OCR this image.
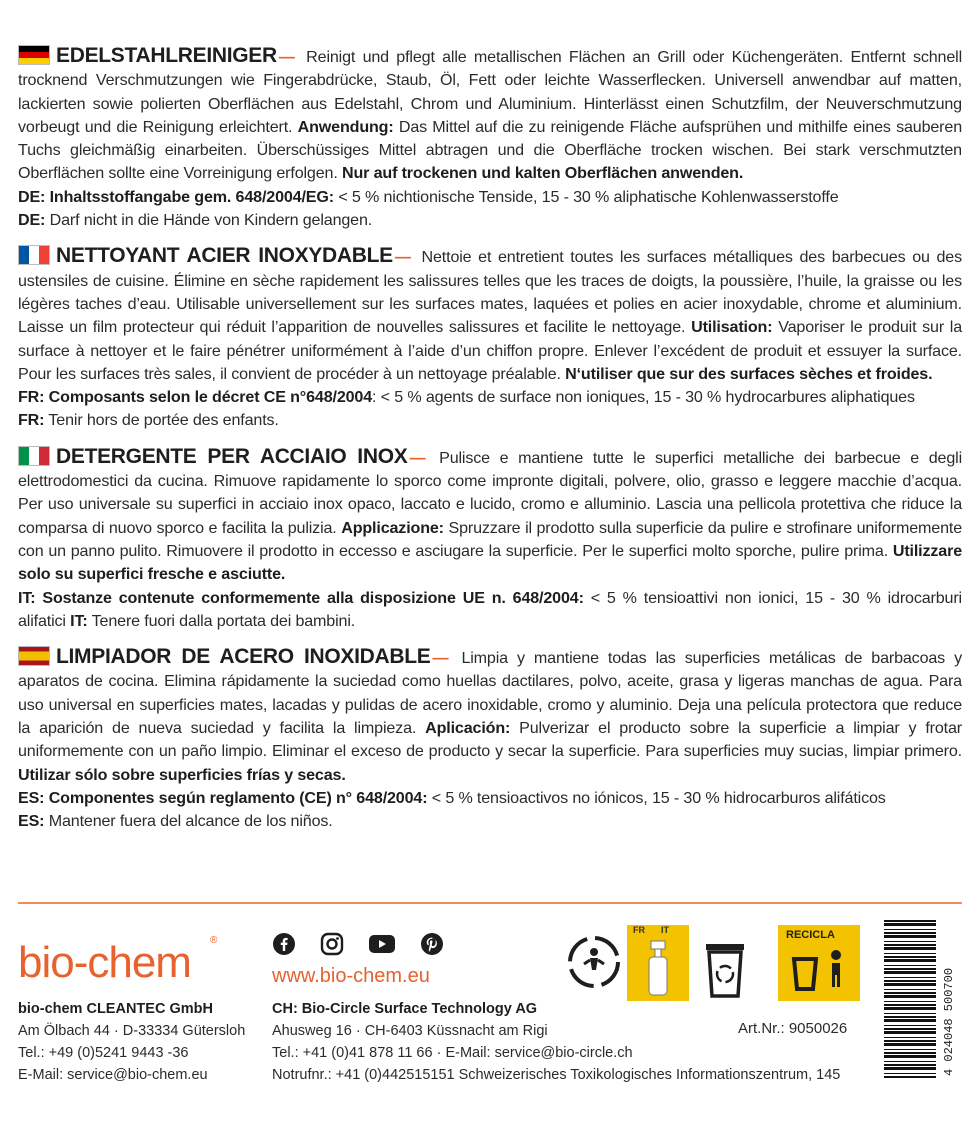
EDELSTAHLREINIGER — Reinigt und pflegt alle metallischen Flächen an Grill oder Küchengeräten. Entfernt schnell trocknend Verschmutzungen wie Fingerabdrücke, Staub, Öl, Fett oder leichte Wasserflecken. Universell anwendbar auf matten, lackierten sowie polierten Oberflächen aus Edelstahl, Chrom und Aluminium. Hinterlässt einen Schutzfilm, der Neuverschmutzung vorbeugt und die Reinigung erleichtert. Anwendung: Das Mittel auf die zu reinigende Fläche aufsprühen und mithilfe eines sauberen Tuchs gleichmäßig einarbeiten. Überschüssiges Mittel abtragen und die Oberfläche trocken wischen. Bei stark verschmutzten Oberflächen sollte eine Vorreinigung erfolgen. Nur auf trockenen und kalten Oberflächen anwenden.

DE: Inhaltsstoffangabe gem. 648/2004/EG: < 5 % nichtionische Tenside, 15 - 30 % aliphatische Kohlenwasserstoffe

DE: Darf nicht in die Hände von Kindern gelangen.

NETTOYANT ACIER INOXYDABLE — Nettoie et entretient toutes les surfaces métalliques des barbecues ou des ustensiles de cuisine. Élimine en sèche rapidement les salissures telles que les traces de doigts, la poussière, l’huile, la graisse ou les légères taches d’eau. Utilisable universellement sur les surfaces mates, laquées et polies en acier inoxydable, chrome et aluminium. Laisse un film protecteur qui réduit l’apparition de nouvelles salissures et facilite le nettoyage. Utilisation: Vaporiser le produit sur la surface à nettoyer et le faire pénétrer uniformément à l’aide d’un chiffon propre. Enlever l’excédent de produit et essuyer la surface. Pour les surfaces très sales, il convient de procéder à un nettoyage préalable. N‘utiliser que sur des surfaces sèches et froides.

FR: Composants selon le décret CE n°648/2004: < 5 % agents de surface non ioniques, 15 - 30 % hydrocarbures aliphatiques

FR: Tenir hors de portée des enfants.

DETERGENTE PER ACCIAIO INOX — Pulisce e mantiene tutte le superfici metalliche dei barbecue e degli elettrodomestici da cucina. Rimuove rapidamente lo sporco come impronte digitali, polvere, olio, grasso e leggere macchie d’acqua. Per uso universale su superfici in acciaio inox opaco, laccato e lucido, cromo e alluminio. Lascia una pellicola protettiva che riduce la comparsa di nuovo sporco e facilita la pulizia. Applicazione: Spruzzare il prodotto sulla superficie da pulire e strofinare uniformemente con un panno pulito. Rimuovere il prodotto in eccesso e asciugare la superficie. Per le superfici molto sporche, pulire prima. Utilizzare solo su superfici fresche e asciutte.

IT: Sostanze contenute conformemente alla disposizione UE n. 648/2004: < 5 % tensioattivi non ionici, 15 - 30 % idrocarburi alifatici IT: Tenere fuori dalla portata dei bambini.

LIMPIADOR DE ACERO INOXIDABLE — Limpia y mantiene todas las superficies metálicas de barbacoas y aparatos de cocina. Elimina rápidamente la suciedad como huellas dactilares, polvo, aceite, grasa y ligeras manchas de agua. Para uso universal en superficies mates, lacadas y pulidas de acero inoxidable, cromo y aluminio. Deja una película protectora que reduce la aparición de nueva suciedad y facilita la limpieza. Aplicación: Pulverizar el producto sobre la superficie a limpiar y frotar uniformemente con un paño limpio. Eliminar el exceso de producto y secar la superficie. Para superficies muy sucias, limpiar primero. Utilizar sólo sobre superficies frías y secas.

ES: Componentes según reglamento (CE) n° 648/2004: < 5 % tensioactivos no iónicos, 15 - 30 % hidrocarburos alifáticos

ES: Mantener fuera del alcance de los niños.

bio-chem ®
www.bio-chem.eu
bio-chem CLEANTEC GmbH
Am Ölbach 44 · D-33334 Gütersloh
Tel.: +49 (0)5241 9443 -36
E-Mail: service@bio-chem.eu
CH: Bio-Circle Surface Technology AG
Ahusweg 16 · CH-6403 Küssnacht am Rigi
Tel.: +41 (0)41 878 11 66 · E-Mail: service@bio-circle.ch
Notrufnr.: +41 (0)442515151 Schweizerisches Toxikologisches Informationszentrum, 145
Art.Nr.: 9050026
FR IT	RECICLA
4 024048 500700
